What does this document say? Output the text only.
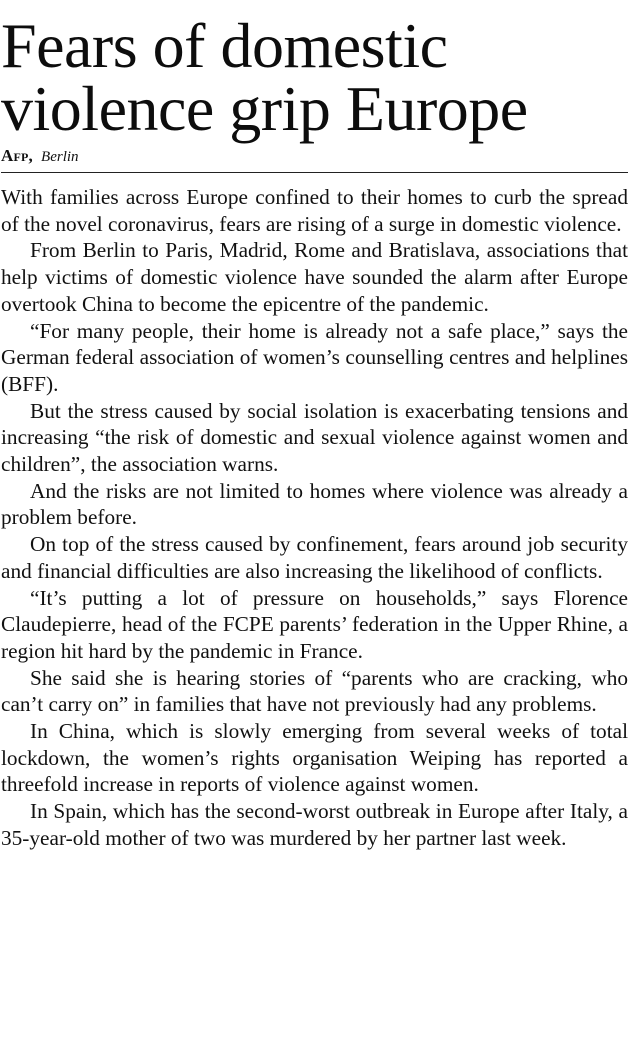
Fears of domestic violence grip Europe
Afp, Berlin

With families across Europe confined to their homes to curb the spread of the novel coronavirus, fears are rising of a surge in domestic violence.

From Berlin to Paris, Madrid, Rome and Bratislava, associations that help victims of domestic violence have sounded the alarm after Europe overtook China to become the epicentre of the pandemic.

“For many people, their home is already not a safe place,” says the German federal association of women’s counselling centres and helplines (BFF).

But the stress caused by social isolation is exacerbating tensions and increasing “the risk of domestic and sexual violence against women and children”, the association warns.

And the risks are not limited to homes where violence was already a problem before.

On top of the stress caused by confinement, fears around job security and financial difficulties are also increasing the likelihood of conflicts.

“It’s putting a lot of pressure on households,” says Florence Claudepierre, head of the FCPE parents’ federation in the Upper Rhine, a region hit hard by the pandemic in France.

She said she is hearing stories of “parents who are cracking, who can’t carry on” in families that have not previously had any problems.

In China, which is slowly emerging from several weeks of total lockdown, the women’s rights organisation Weiping has reported a threefold increase in reports of violence against women.

In Spain, which has the second-worst outbreak in Europe after Italy, a 35-year-old mother of two was murdered by her partner last week.
